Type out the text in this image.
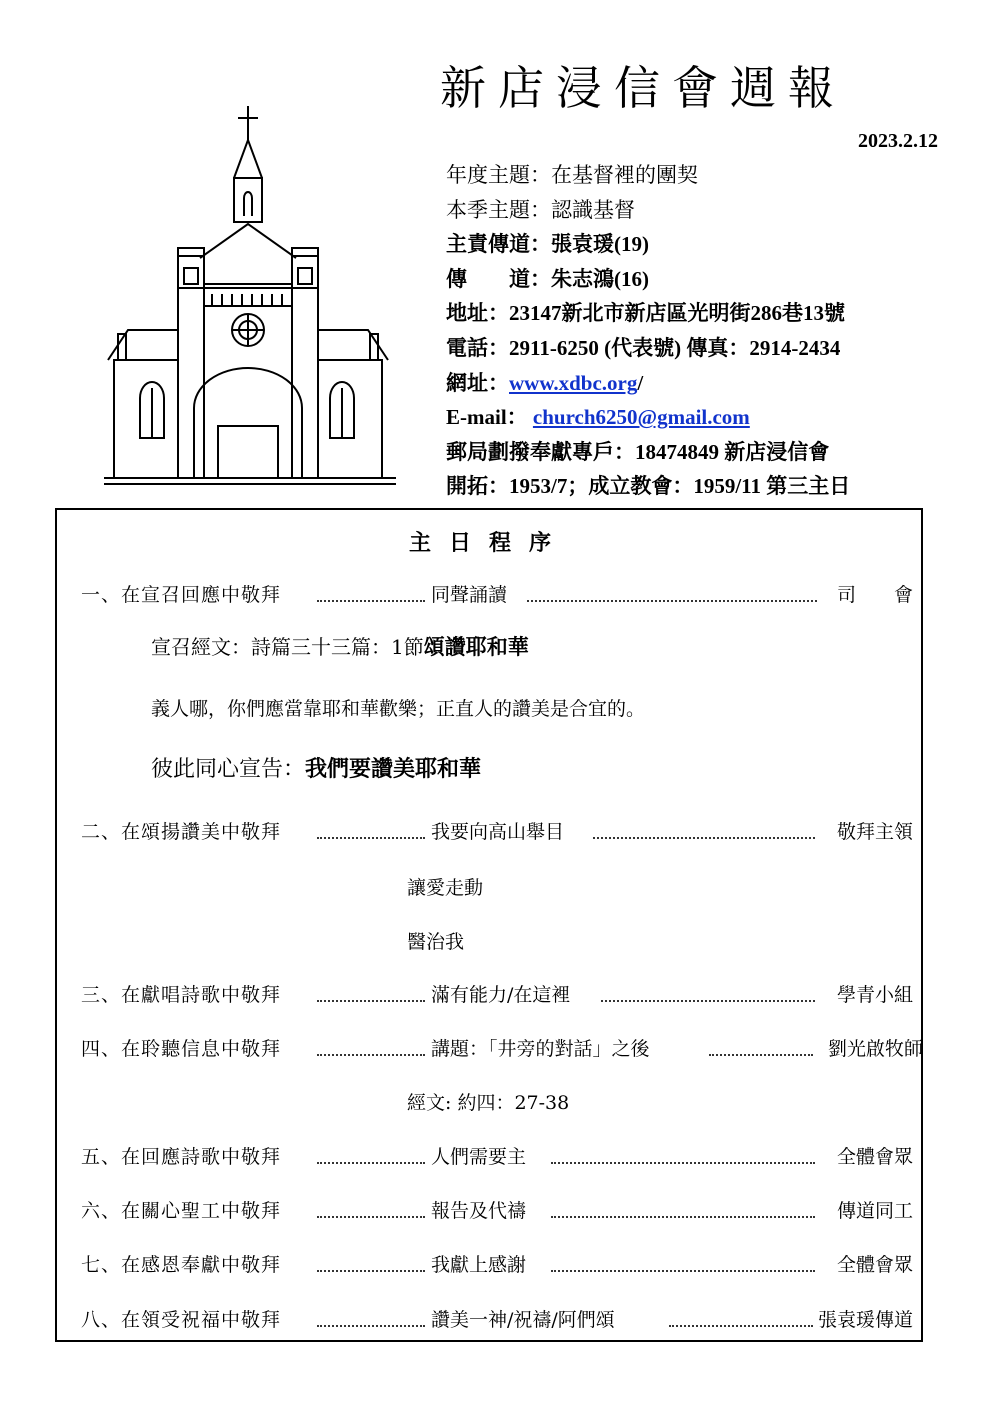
新店浸信會週報
2023.2.12
年度主題：在基督裡的團契
本季主題：認識基督
主責傳道：張袁瑗(19)
傳　　道：朱志鴻(16)
地址：23147新北市新店區光明街286巷13號
電話：2911-6250 (代表號) 傳真：2914-2434
網址：www.xdbc.org/
E-mail： church6250@gmail.com
郵局劃撥奉獻專戶：18474849 新店浸信會
開拓：1953/7；成立教會：1959/11 第三主日
主日程序
一、在宣召回應中敬拜	同聲誦讀	司　　會
宣召經文：詩篇三十三篇：1節頌讚耶和華
義人哪，你們應當靠耶和華歡樂；正直人的讚美是合宜的。
彼此同心宣告：我們要讚美耶和華
二、在頌揚讚美中敬拜	我要向高山舉目	敬拜主領
讓愛走動
醫治我
三、在獻唱詩歌中敬拜	滿有能力/在這裡	學青小組
四、在聆聽信息中敬拜	講題：「井旁的對話」之後	劉光啟牧師
經文: 約四：27-38
五、在回應詩歌中敬拜	人們需要主	全體會眾
六、在關心聖工中敬拜	報告及代禱	傳道同工
七、在感恩奉獻中敬拜	我獻上感謝	全體會眾
八、在領受祝福中敬拜	讚美一神/祝禱/阿們頌	張袁瑗傳道
